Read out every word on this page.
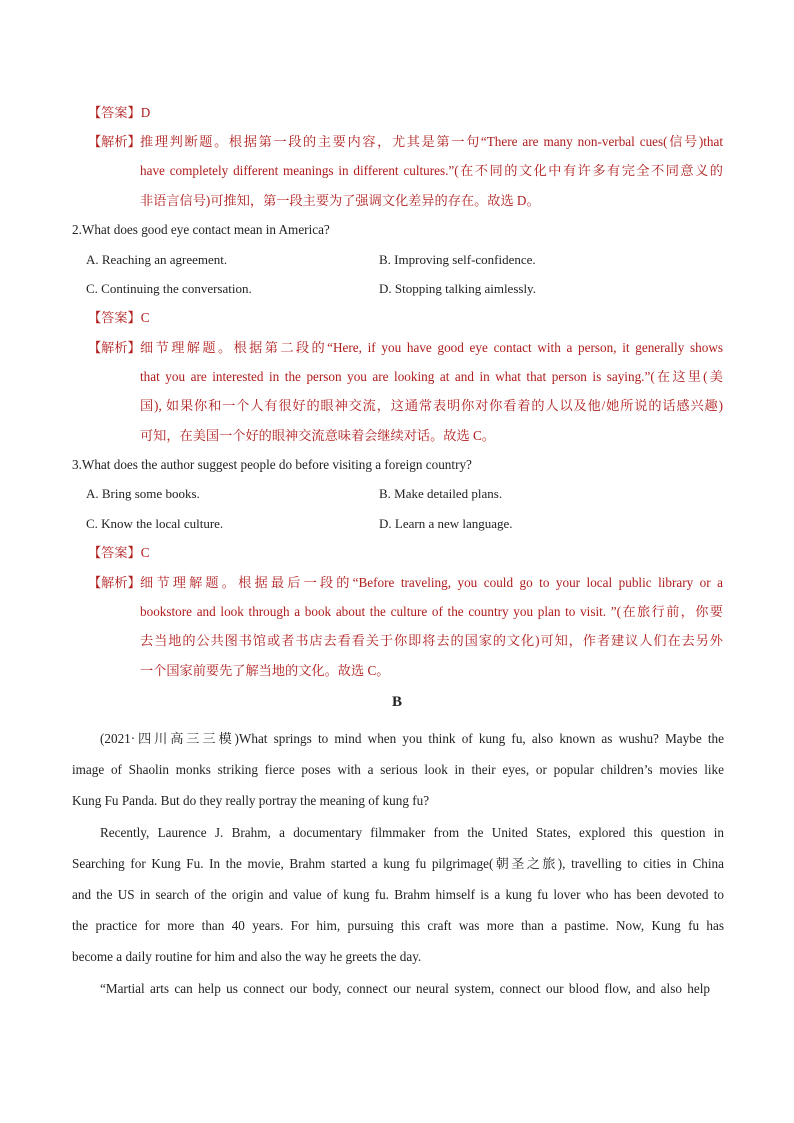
【答案】D
【解析】 推理判断题。根据第一段的主要内容，尤其是第一句“There are many non-verbal cues(信号)that
have completely different meanings in different cultures.”(在不同的文化中有许多有完全不同意义的
非语言信号)可推知，第一段主要为了强调文化差异的存在。故选 D。
2.What does good eye contact mean in America?
A. Reaching an agreement.	B. Improving self-confidence.
C. Continuing the conversation.	D. Stopping talking aimlessly.
【答案】C
【解析】 细节理解题。根据第二段的“Here, if you have good eye contact with a person, it generally shows
that you are interested in the person you are looking at and in what that person is saying.”(在这里(美
国), 如果你和一个人有很好的眼神交流，这通常表明你对你看着的人以及他/她所说的话感兴趣)
可知，在美国一个好的眼神交流意味着会继续对话。故选 C。
3.What does the author suggest people do before visiting a foreign country?
A. Bring some books.	B. Make detailed plans.
C. Know the local culture.	D. Learn a new language.
【答案】C
【解析】 细节理解题。根据最后一段的“Before traveling, you could go to your local public library or a
bookstore and look through a book about the culture of the country you plan to visit. ”(在旅行前，你要
去当地的公共图书馆或者书店去看看关于你即将去的国家的文化)可知，作者建议人们在去另外
一个国家前要先了解当地的文化。故选 C。
B
(2021·四川高三三模)What springs to mind when you think of kung fu, also known as wushu? Maybe the
image of Shaolin monks striking fierce poses with a serious look in their eyes, or popular children’s movies like
Kung Fu Panda. But do they really portray the meaning of kung fu?
Recently, Laurence J. Brahm, a documentary filmmaker from the United States, explored this question in
Searching for Kung Fu. In the movie, Brahm started a kung fu pilgrimage(朝圣之旅), travelling to cities in China
and the US in search of the origin and value of kung fu. Brahm himself is a kung fu lover who has been devoted to
the practice for more than 40 years. For him, pursuing this craft was more than a pastime. Now, Kung fu has
become a daily routine for him and also the way he greets the day.
“Martial arts can help us connect our body, connect our neural system, connect our blood flow, and also help
